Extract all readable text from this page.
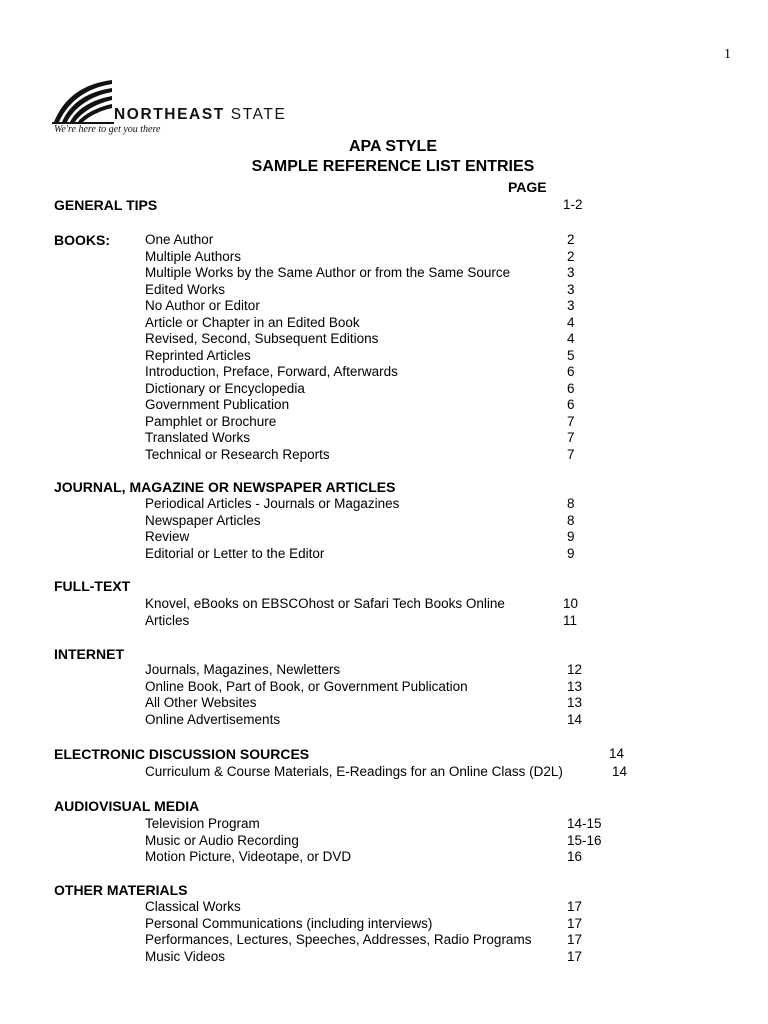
1
NORTHEAST STATE
We're here to get you there
APA STYLE
SAMPLE REFERENCE LIST ENTRIES
PAGE
GENERAL TIPS	1-2
BOOKS:	One Author	2
Multiple Authors	2
Multiple Works by the Same Author or from the Same Source	3
Edited Works	3
No Author or Editor	3
Article or Chapter in an Edited Book	4
Revised, Second, Subsequent Editions	4
Reprinted Articles	5
Introduction, Preface, Forward, Afterwards	6
Dictionary or Encyclopedia	6
Government Publication	6
Pamphlet or Brochure	7
Translated Works	7
Technical or Research Reports	7
JOURNAL, MAGAZINE OR NEWSPAPER ARTICLES
Periodical Articles - Journals or Magazines	8
Newspaper Articles	8
Review	9
Editorial or Letter to the Editor	9
FULL-TEXT
Knovel, eBooks on EBSCOhost or Safari Tech Books Online	10
Articles	11
INTERNET
Journals, Magazines, Newletters	12
Online Book, Part of Book, or Government Publication	13
All Other Websites	13
Online Advertisements	14
ELECTRONIC DISCUSSION SOURCES	14
Curriculum & Course Materials, E-Readings for an Online Class (D2L)	14
AUDIOVISUAL MEDIA
Television Program	14-15
Music or Audio Recording	15-16
Motion Picture, Videotape, or DVD	16
OTHER MATERIALS
Classical Works	17
Personal Communications (including interviews)	17
Performances, Lectures, Speeches, Addresses, Radio Programs	17
Music Videos	17
